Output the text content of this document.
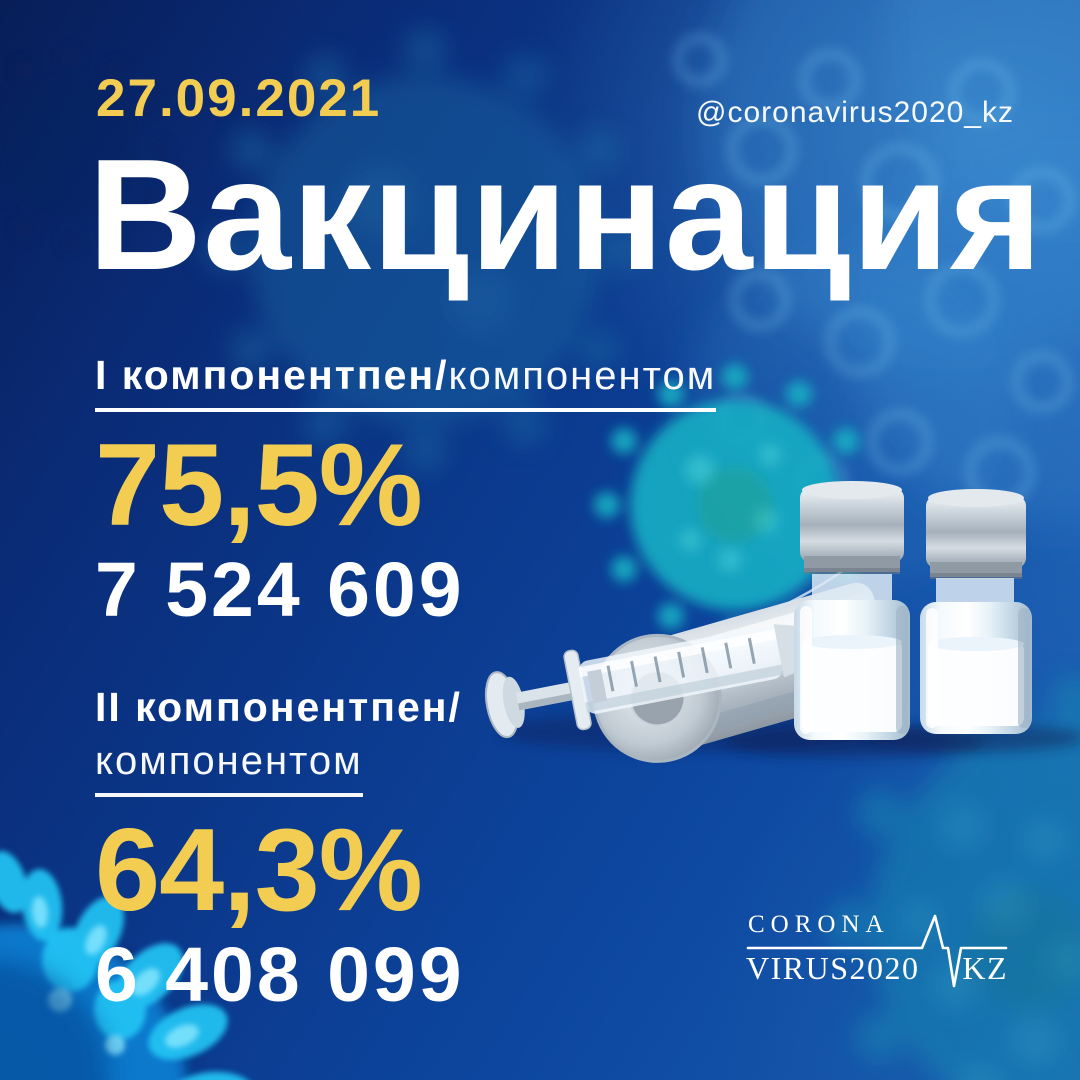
27.09.2021	@coronavirus2020_kz
Вакцинация
I компонентпен/компонентом
75,5%
7 524 609
II компонентпен/
компонентом
64,3%
6 408 099
CORONA
VIRUS2020 KZ
